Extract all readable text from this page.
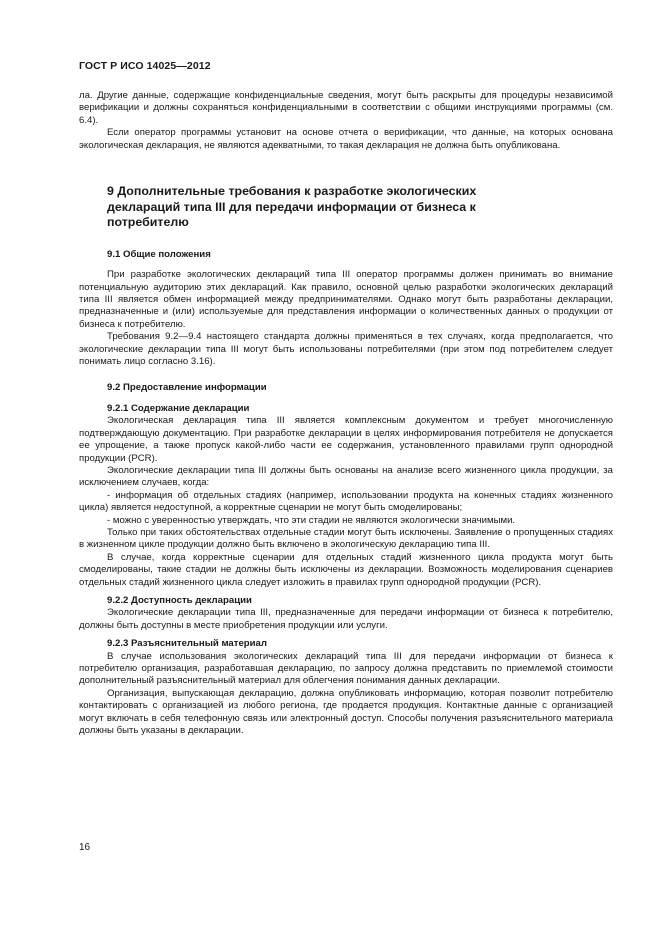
ГОСТ Р ИСО 14025—2012

ла. Другие данные, содержащие конфиденциальные сведения, могут быть раскрыты для процедуры независимой верификации и должны сохраняться конфиденциальными в соответствии с общими инструкциями программы (см. 6.4).

Если оператор программы установит на основе отчета о верификации, что данные, на которых основана экологическая декларация, не являются адекватными, то такая декларация не должна быть опубликована.

9 Дополнительные требования к разработке экологических деклараций типа III для передачи информации от бизнеса к потребителю
9.1 Общие положения

При разработке экологических деклараций типа III оператор программы должен принимать во внимание потенциальную аудиторию этих деклараций. Как правило, основной целью разработки экологических деклараций типа III является обмен информацией между предпринимателями. Однако могут быть разработаны декларации, предназначенные и (или) используемые для представления информации о количественных данных о продукции от бизнеса к потребителю.

Требования 9.2—9.4 настоящего стандарта должны применяться в тех случаях, когда предполагается, что экологические декларации типа III могут быть использованы потребителями (при этом под потребителем следует понимать лицо согласно 3.16).

9.2 Предоставление информации
9.2.1 Содержание декларации

Экологическая декларация типа III является комплексным документом и требует многочисленную подтверждающую документацию. При разработке декларации в целях информирования потребителя не допускается ее упрощение, а также пропуск какой-либо части ее содержания, установленного правилами групп однородной продукции (PCR).

Экологические декларации типа III должны быть основаны на анализе всего жизненного цикла продукции, за исключением случаев, когда:

- информация об отдельных стадиях (например, использовании продукта на конечных стадиях жизненного цикла) является недоступной, а корректные сценарии не могут быть смоделированы;

- можно с уверенностью утверждать, что эти стадии не являются экологически значимыми.

Только при таких обстоятельствах отдельные стадии могут быть исключены. Заявление о пропущенных стадиях в жизненном цикле продукции должно быть включено в экологическую декларацию типа III.

В случае, когда корректные сценарии для отдельных стадий жизненного цикла продукта могут быть смоделированы, такие стадии не должны быть исключены из декларации. Возможность моделирования сценариев отдельных стадий жизненного цикла следует изложить в правилах групп однородной продукции (PCR).

9.2.2 Доступность декларации

Экологические декларации типа III, предназначенные для передачи информации от бизнеса к потребителю, должны быть доступны в месте приобретения продукции или услуги.

9.2.3 Разъяснительный материал

В случае использования экологических деклараций типа III для передачи информации от бизнеса к потребителю организация, разработавшая декларацию, по запросу должна представить по приемлемой стоимости дополнительный разъяснительный материал для облегчения понимания данных декларации.

Организация, выпускающая декларацию, должна опубликовать информацию, которая позволит потребителю контактировать с организацией из любого региона, где продается продукция. Контактные данные с организацией могут включать в себя телефонную связь или электронный доступ. Способы получения разъяснительного материала должны быть указаны в декларации.

16
